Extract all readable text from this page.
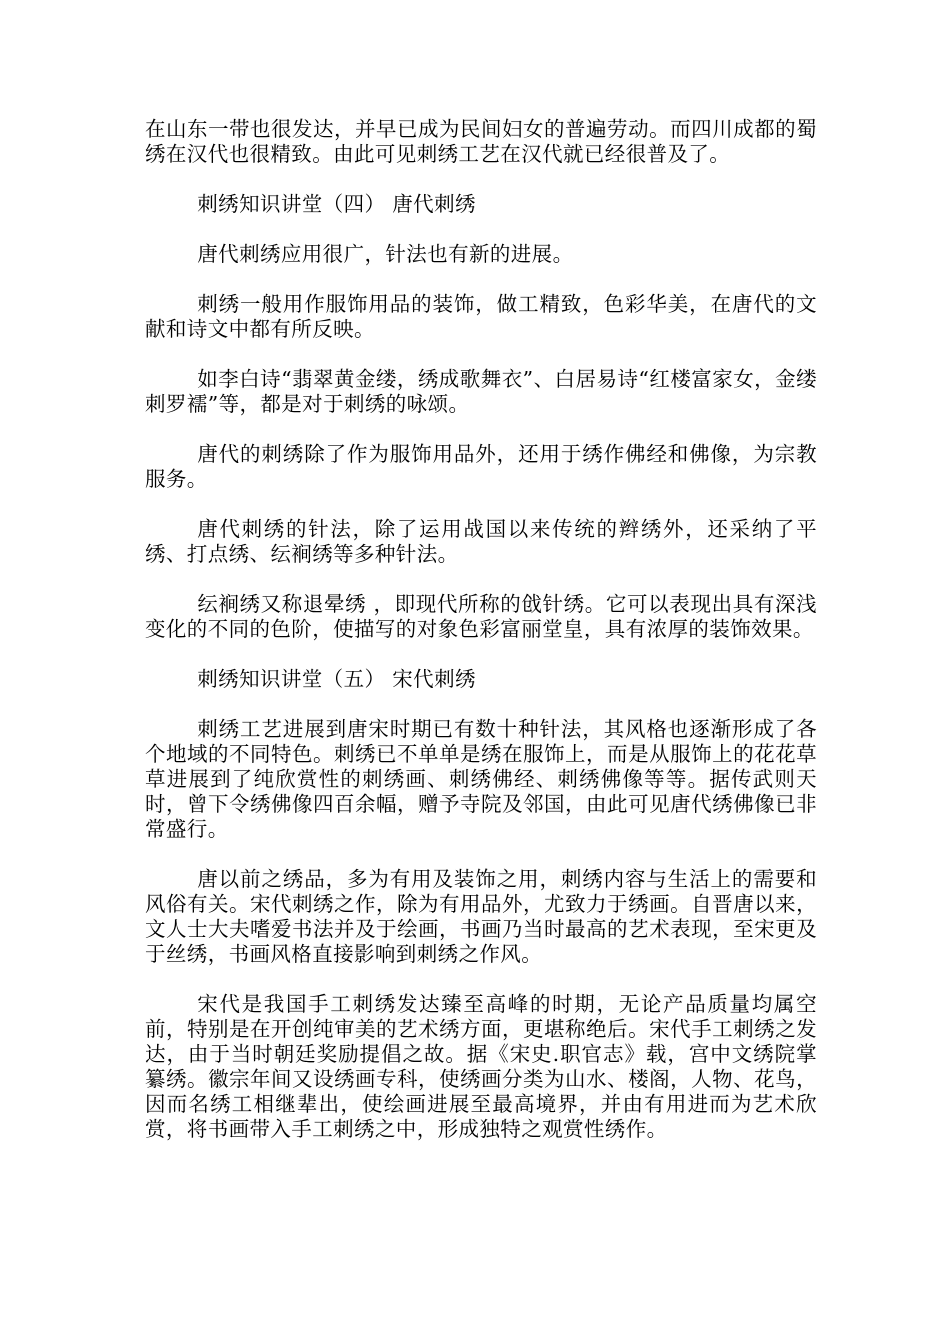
在山东一带也很发达，并早已成为民间妇女的普遍劳动。而四川成都的蜀绣在汉代也很精致。由此可见刺绣工艺在汉代就已经很普及了。

刺绣知识讲堂（四） 唐代刺绣

唐代刺绣应用很广，针法也有新的进展。

刺绣一般用作服饰用品的装饰，做工精致，色彩华美，在唐代的文献和诗文中都有所反映。

如李白诗“翡翠黄金缕，绣成歌舞衣”、白居易诗“红楼富家女，金缕刺罗襦”等，都是对于刺绣的咏颂。

唐代的刺绣除了作为服饰用品外，还用于绣作佛经和佛像，为宗教服务。

唐代刺绣的针法，除了运用战国以来传统的辫绣外，还采纳了平绣、打点绣、纭裥绣等多种针法。

纭裥绣又称退晕绣 ，即现代所称的戗针绣。它可以表现出具有深浅变化的不同的色阶，使描写的对象色彩富丽堂皇，具有浓厚的装饰效果。

刺绣知识讲堂（五） 宋代刺绣

刺绣工艺进展到唐宋时期已有数十种针法，其风格也逐渐形成了各个地域的不同特色。刺绣已不单单是绣在服饰上，而是从服饰上的花花草草进展到了纯欣赏性的刺绣画、刺绣佛经、刺绣佛像等等。据传武则天时，曾下令绣佛像四百余幅，赠予寺院及邻国，由此可见唐代绣佛像已非常盛行。

唐以前之绣品，多为有用及装饰之用，刺绣内容与生活上的需要和风俗有关。宋代刺绣之作，除为有用品外，尤致力于绣画。自晋唐以来，文人士大夫嗜爱书法并及于绘画，书画乃当时最高的艺术表现，至宋更及于丝绣，书画风格直接影响到刺绣之作风。

宋代是我国手工刺绣发达臻至高峰的时期，无论产品质量均属空前，特别是在开创纯审美的艺术绣方面，更堪称绝后。宋代手工刺绣之发达，由于当时朝廷奖励提倡之故。据《宋史.职官志》载，宫中文绣院掌纂绣。徽宗年间又设绣画专科，使绣画分类为山水、楼阁，人物、花鸟，因而名绣工相继辈出，使绘画进展至最高境界，并由有用进而为艺术欣赏，将书画带入手工刺绣之中，形成独特之观赏性绣作。
